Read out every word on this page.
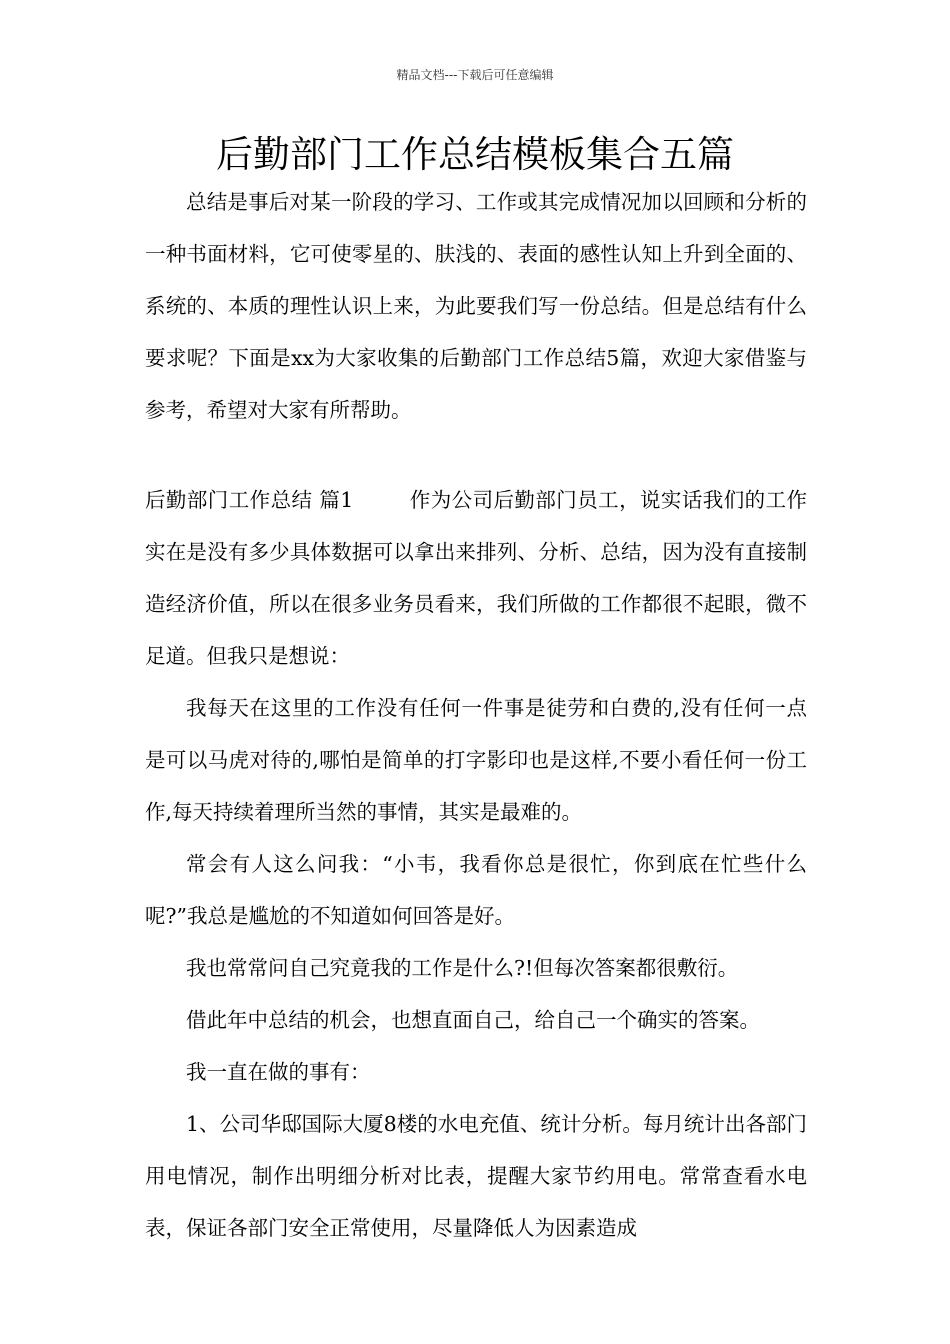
精品文档---下载后可任意编辑
后勤部门工作总结模板集合五篇

总结是事后对某一阶段的学习、工作或其完成情况加以回顾和分析的一种书面材料，它可使零星的、肤浅的、表面的感性认知上升到全面的、系统的、本质的理性认识上来，为此要我们写一份总结。但是总结有什么要求呢？下面是xx为大家收集的后勤部门工作总结5篇，欢迎大家借鉴与参考，希望对大家有所帮助。

后勤部门工作总结 篇1	作为公司后勤部门员工，说实话我们的工作实在是没有多少具体数据可以拿出来排列、分析、总结，因为没有直接制造经济价值，所以在很多业务员看来，我们所做的工作都很不起眼，微不足道。但我只是想说：

我每天在这里的工作没有任何一件事是徒劳和白费的,没有任何一点是可以马虎对待的,哪怕是简单的打字影印也是这样,不要小看任何一份工作,每天持续着理所当然的事情，其实是最难的。

常会有人这么问我：“小韦，我看你总是很忙，你到底在忙些什么呢?”我总是尴尬的不知道如何回答是好。

我也常常问自己究竟我的工作是什么?!但每次答案都很敷衍。

借此年中总结的机会，也想直面自己，给自己一个确实的答案。

我一直在做的事有：

1、公司华邸国际大厦8楼的水电充值、统计分析。每月统计出各部门用电情况，制作出明细分析对比表，提醒大家节约用电。常常查看水电表，保证各部门安全正常使用，尽量降低人为因素造成
